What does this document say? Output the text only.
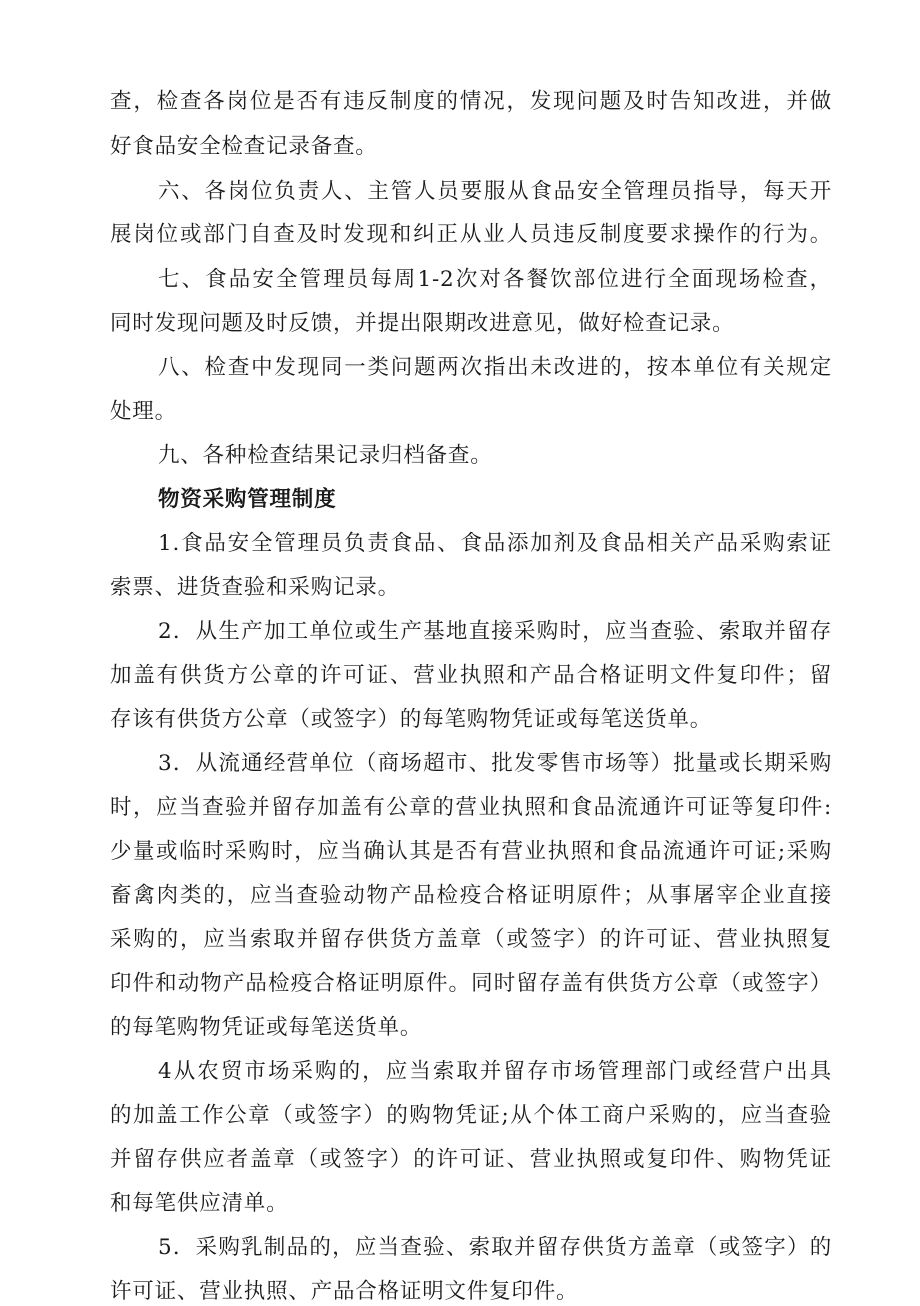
查，检查各岗位是否有违反制度的情况，发现问题及时告知改进，并做
好食品安全检查记录备查。
六、各岗位负责人、主管人员要服从食品安全管理员指导，每天开
展岗位或部门自查及时发现和纠正从业人员违反制度要求操作的行为。
七、食品安全管理员每周1-2次对各餐饮部位进行全面现场检查，
同时发现问题及时反馈，并提出限期改进意见，做好检查记录。
八、检查中发现同一类问题两次指出未改进的，按本单位有关规定
处理。
九、各种检查结果记录归档备查。
物资采购管理制度
1.食品安全管理员负责食品、食品添加剂及食品相关产品采购索证
索票、进货查验和采购记录。
2．从生产加工单位或生产基地直接采购时，应当查验、索取并留存
加盖有供货方公章的许可证、营业执照和产品合格证明文件复印件；留
存该有供货方公章（或签字）的每笔购物凭证或每笔送货单。
3．从流通经营单位（商场超市、批发零售市场等）批量或长期采购
时，应当查验并留存加盖有公章的营业执照和食品流通许可证等复印件:
少量或临时采购时，应当确认其是否有营业执照和食品流通许可证;采购
畜禽肉类的，应当查验动物产品检疫合格证明原件；从事屠宰企业直接
采购的，应当索取并留存供货方盖章（或签字）的许可证、营业执照复
印件和动物产品检疫合格证明原件。同时留存盖有供货方公章（或签字）
的每笔购物凭证或每笔送货单。
4从农贸市场采购的，应当索取并留存市场管理部门或经营户出具
的加盖工作公章（或签字）的购物凭证;从个体工商户采购的，应当查验
并留存供应者盖章（或签字）的许可证、营业执照或复印件、购物凭证
和每笔供应清单。
5．采购乳制品的，应当查验、索取并留存供货方盖章（或签字）的
许可证、营业执照、产品合格证明文件复印件。
